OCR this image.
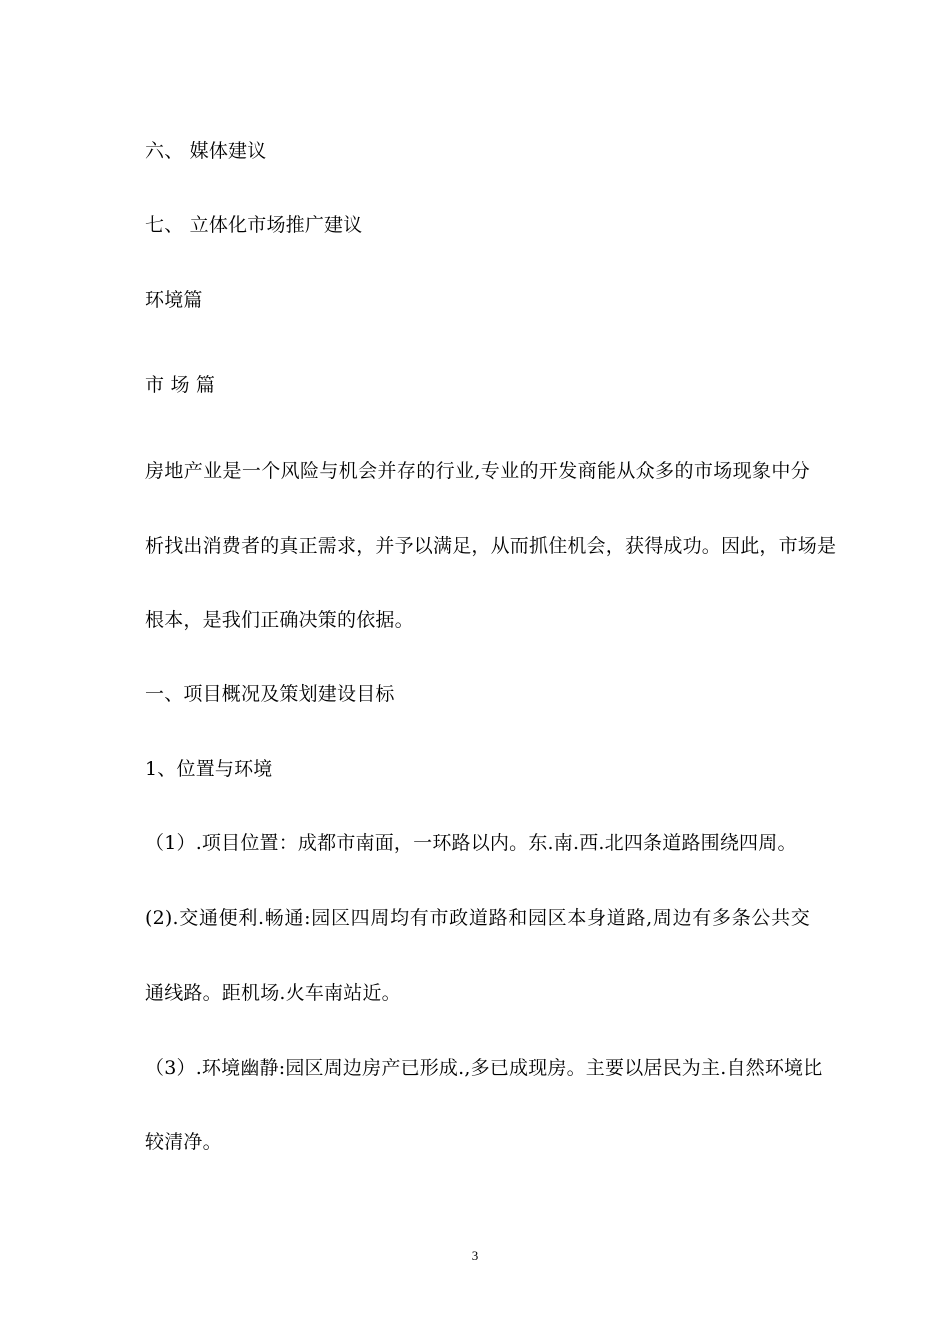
六、 媒体建议
七、 立体化市场推广建议
环境篇
市 场 篇
房地产业是一个风险与机会并存的行业,专业的开发商能从众多的市场现象中分
析找出消费者的真正需求，并予以满足，从而抓住机会，获得成功。因此，市场是
根本，是我们正确决策的依据。
一、项目概况及策划建设目标
1、位置与环境
（1）.项目位置：成都市南面，一环路以内。东.南.西.北四条道路围绕四周。
(2).交通便利.畅通:园区四周均有市政道路和园区本身道路,周边有多条公共交
通线路。距机场.火车南站近。
（3）.环境幽静:园区周边房产已形成.,多已成现房。主要以居民为主.自然环境比
较清净。
3
